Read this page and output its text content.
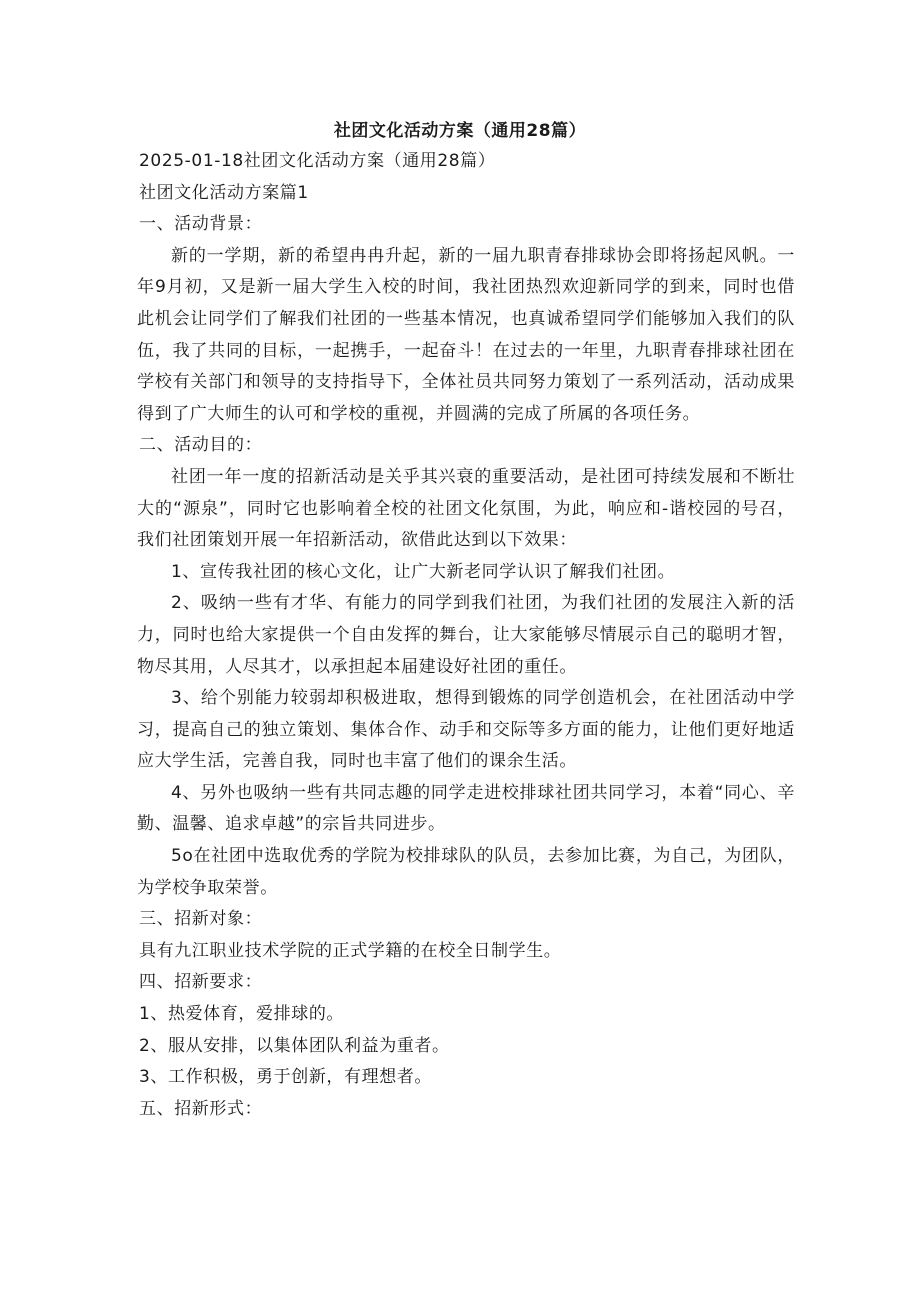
社团文化活动方案（通用28篇）

2025-01-18社团文化活动方案（通用28篇）

社团文化活动方案篇1

一、活动背景：

新的一学期，新的希望冉冉升起，新的一届九职青春排球协会即将扬起风帆。一年9月初，又是新一届大学生入校的时间，我社团热烈欢迎新同学的到来，同时也借此机会让同学们了解我们社团的一些基本情况，也真诚希望同学们能够加入我们的队伍，我了共同的目标，一起携手，一起奋斗！在过去的一年里，九职青春排球社团在学校有关部门和领导的支持指导下，全体社员共同努力策划了一系列活动，活动成果得到了广大师生的认可和学校的重视，并圆满的完成了所属的各项任务。

二、活动目的：

社团一年一度的招新活动是关乎其兴衰的重要活动，是社团可持续发展和不断壮大的“源泉”，同时它也影响着全校的社团文化氛围，为此，响应和-谐校园的号召，我们社团策划开展一年招新活动，欲借此达到以下效果：

1、宣传我社团的核心文化，让广大新老同学认识了解我们社团。

2、吸纳一些有才华、有能力的同学到我们社团，为我们社团的发展注入新的活力，同时也给大家提供一个自由发挥的舞台，让大家能够尽情展示自己的聪明才智，物尽其用，人尽其才，以承担起本届建设好社团的重任。

3、给个别能力较弱却积极进取，想得到锻炼的同学创造机会，在社团活动中学习，提高自己的独立策划、集体合作、动手和交际等多方面的能力，让他们更好地适应大学生活，完善自我，同时也丰富了他们的课余生活。

4、另外也吸纳一些有共同志趣的同学走进校排球社团共同学习，本着“同心、辛勤、温馨、追求卓越”的宗旨共同进步。

5o在社团中选取优秀的学院为校排球队的队员，去参加比赛，为自己，为团队，为学校争取荣誉。

三、招新对象：

具有九江职业技术学院的正式学籍的在校全日制学生。

四、招新要求：

1、热爱体育，爱排球的。

2、服从安排，以集体团队利益为重者。

3、工作积极，勇于创新，有理想者。

五、招新形式：
